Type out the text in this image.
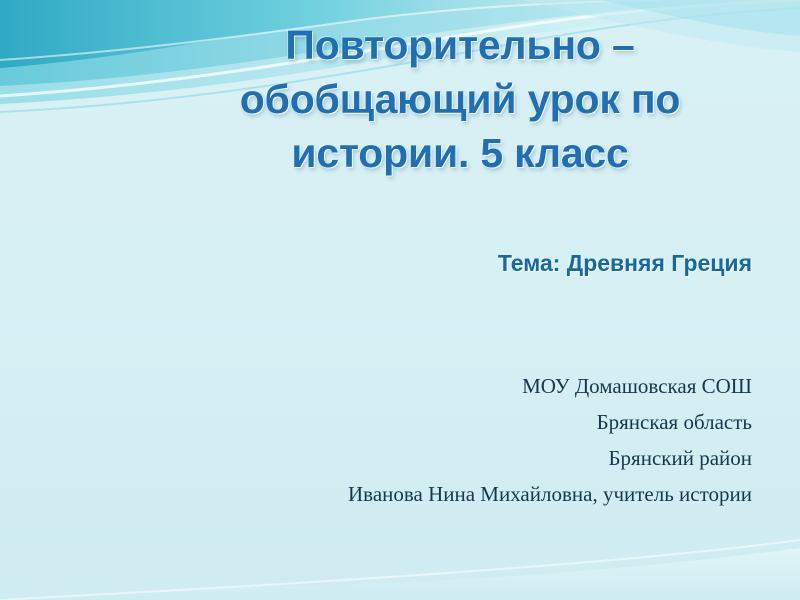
Повторительно – обобщающий урок по истории. 5 класс
Тема: Древняя Греция
МОУ Домашовская СОШ
Брянская область
Брянский район
Иванова Нина Михайловна, учитель истории
